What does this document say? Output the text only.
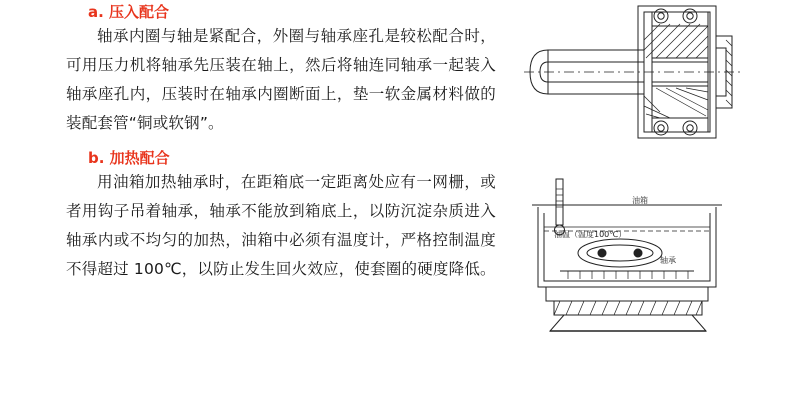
a. 压入配合
轴承内圈与轴是紧配合，外圈与轴承座孔是较松配合时，可用压力机将轴承先压装在轴上，然后将轴连同轴承一起装入轴承座孔内，压装时在轴承内圈断面上，垫一软金属材料做的装配套管“铜或软钢”。
b. 加热配合
用油箱加热轴承时，在距箱底一定距离处应有一网栅，或者用钩子吊着轴承，轴承不能放到箱底上，以防沉淀杂质进入轴承内或不均匀的加热，油箱中必须有温度计，严格控制温度不得超过 100℃，以防止发生回火效应，使套圈的硬度降低。
油箱
油温（温度100℃）
轴承
